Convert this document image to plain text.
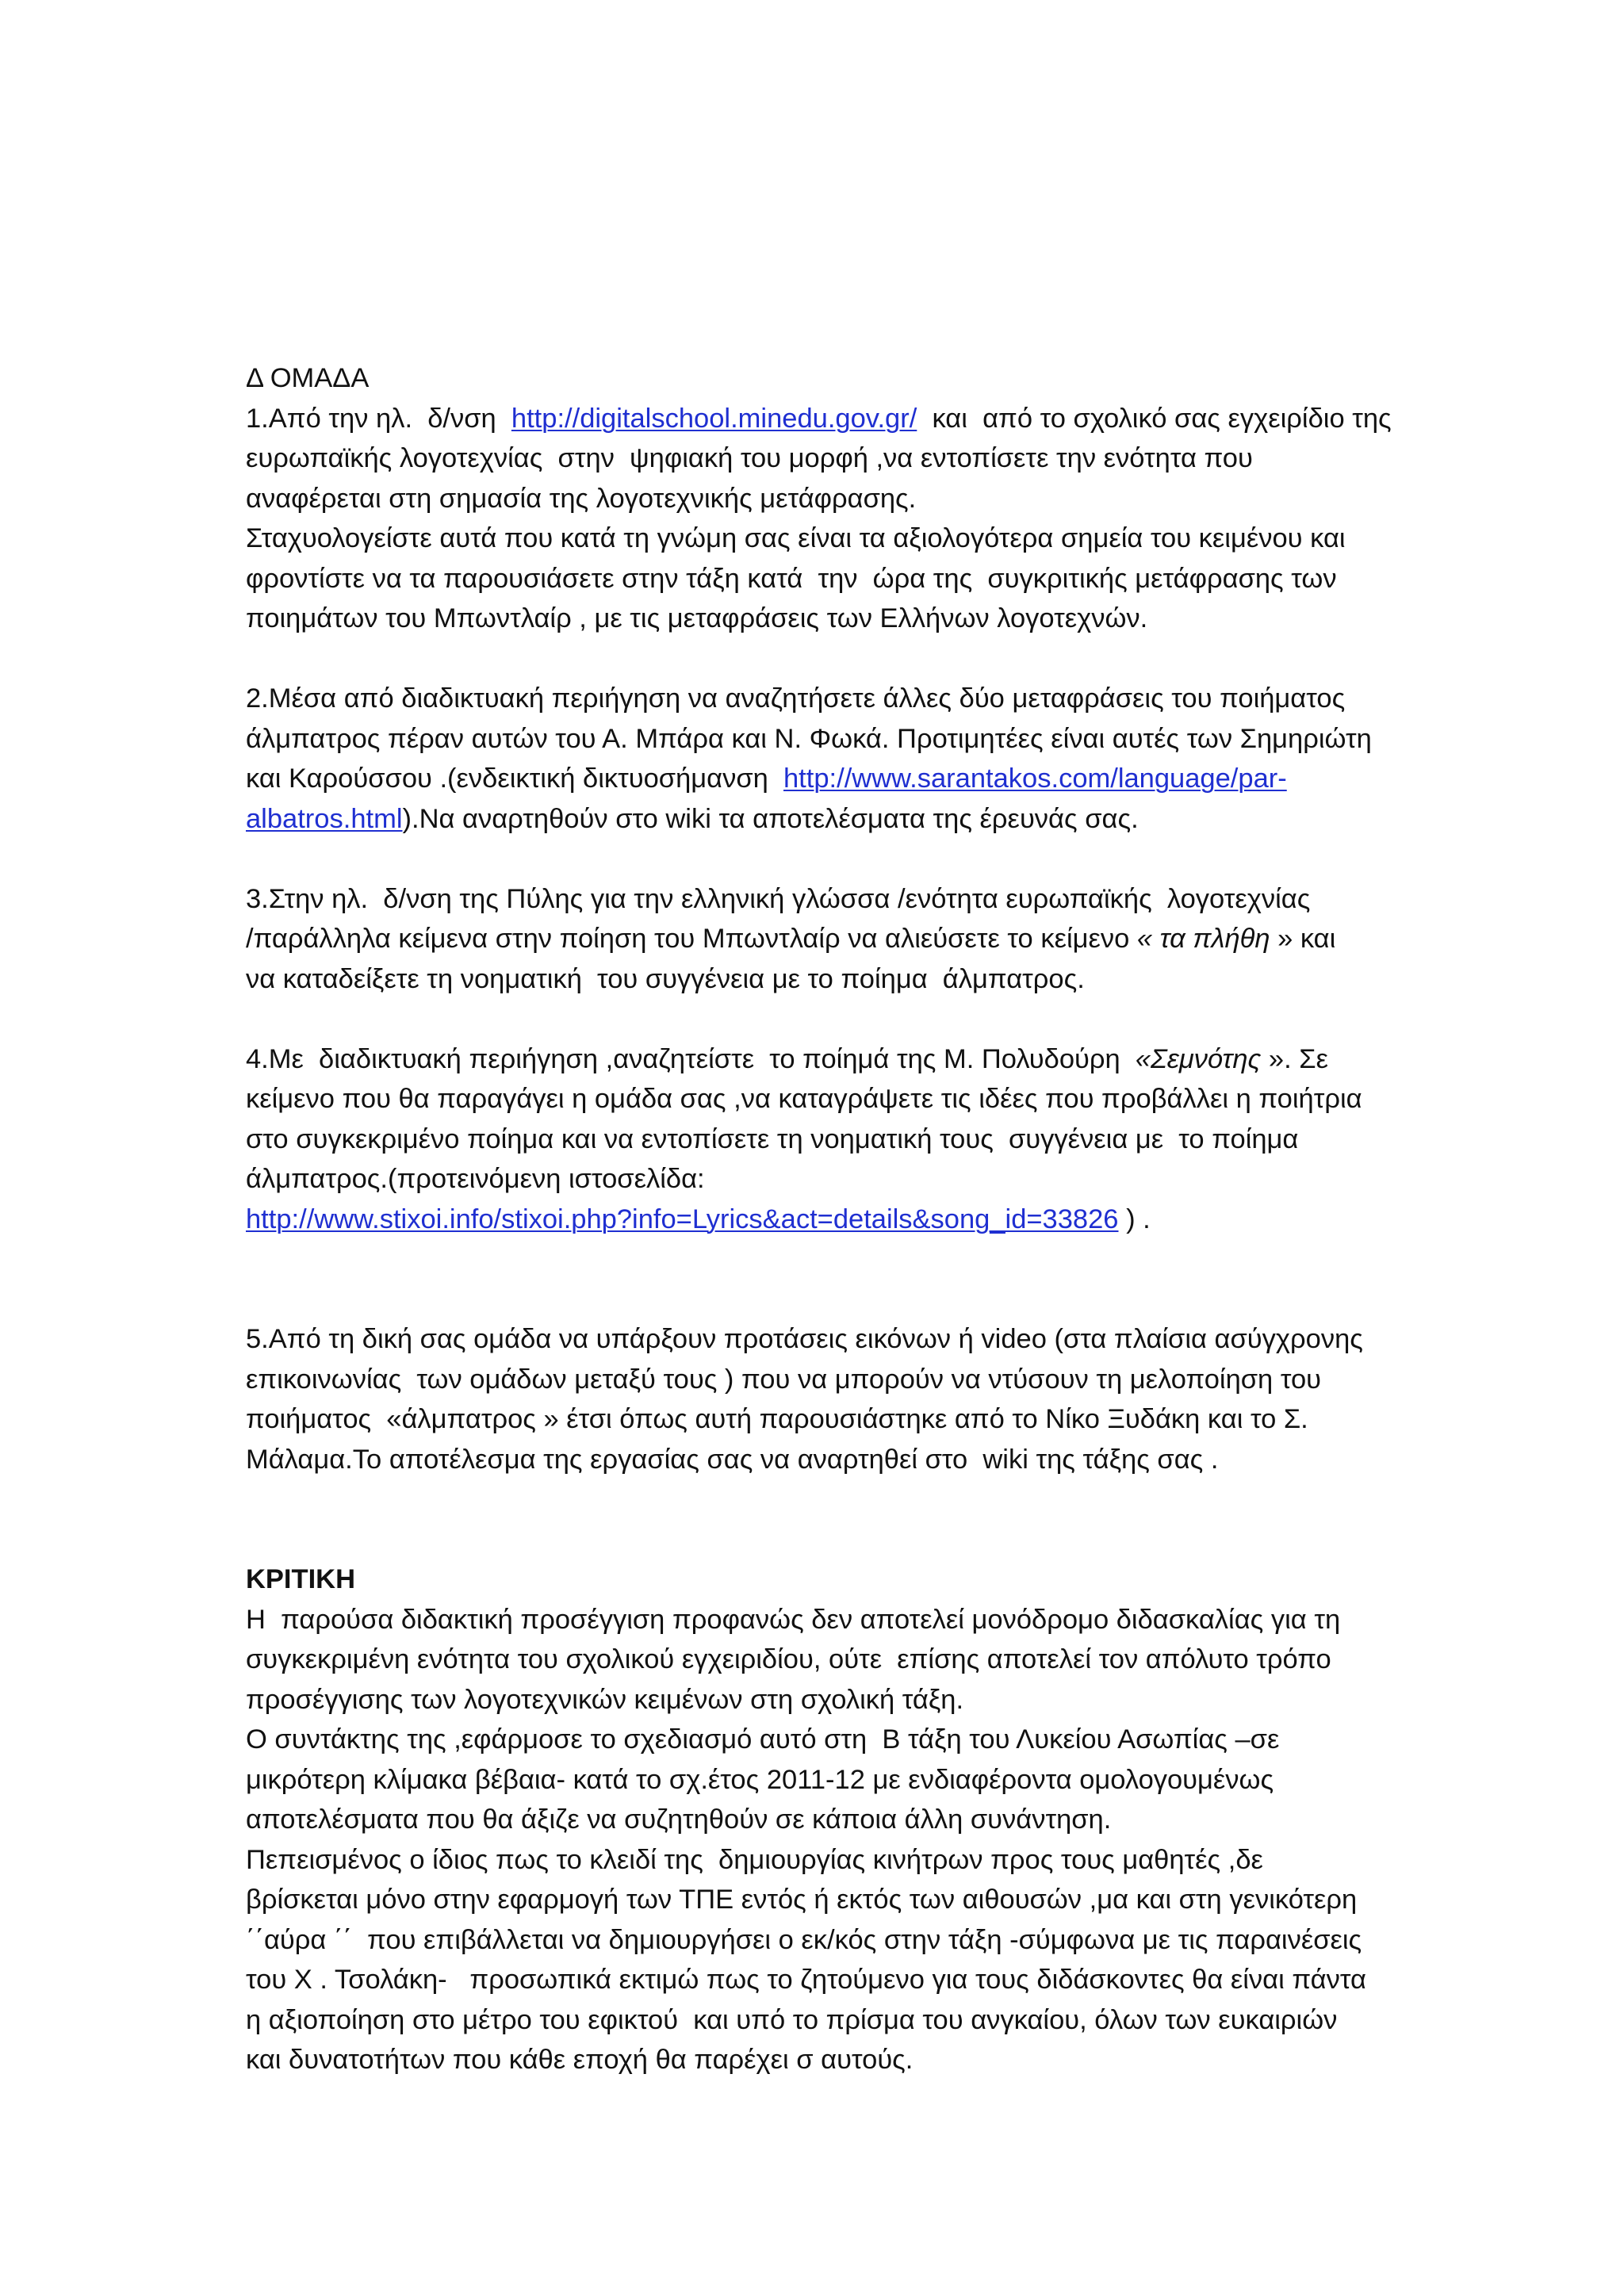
Δ ΟΜΑΔΑ
1.Από την ηλ.  δ/νση  http://digitalschool.minedu.gov.gr/  και  από το σχολικό σας εγχειρίδιο της
ευρωπαϊκής λογοτεχνίας  στην  ψηφιακή του μορφή ,να εντοπίσετε την ενότητα που
αναφέρεται στη σημασία της λογοτεχνικής μετάφρασης.
Σταχυολογείστε αυτά που κατά τη γνώμη σας είναι τα αξιολογότερα σημεία του κειμένου και
φροντίστε να τα παρουσιάσετε στην τάξη κατά  την  ώρα της  συγκριτικής μετάφρασης των
ποιημάτων του Μπωντλαίρ , με τις μεταφράσεις των Ελλήνων λογοτεχνών.
2.Μέσα από διαδικτυακή περιήγηση να αναζητήσετε άλλες δύο μεταφράσεις του ποιήματος
άλμπατρος πέραν αυτών του Α. Μπάρα και Ν. Φωκά. Προτιμητέες είναι αυτές των Σημηριώτη
και Καρούσσου .(ενδεικτική δικτυοσήμανση  http://www.sarantakos.com/language/par-
albatros.html).Να αναρτηθούν στο wiki τα αποτελέσματα της έρευνάς σας.
3.Στην ηλ.  δ/νση της Πύλης για την ελληνική γλώσσα /ενότητα ευρωπαϊκής  λογοτεχνίας
/παράλληλα κείμενα στην ποίηση του Μπωντλαίρ να αλιεύσετε το κείμενο « τα πλήθη » και
να καταδείξετε τη νοηματική  του συγγένεια με το ποίημα  άλμπατρος.
4.Με  διαδικτυακή περιήγηση ,αναζητείστε  το ποίημά της Μ. Πολυδούρη  «Σεμνότης ». Σε
κείμενο που θα παραγάγει η ομάδα σας ,να καταγράψετε τις ιδέες που προβάλλει η ποιήτρια
στο συγκεκριμένο ποίημα και να εντοπίσετε τη νοηματική τους  συγγένεια με  το ποίημα
άλμπατρος.(προτεινόμενη ιστοσελίδα:
http://www.stixoi.info/stixoi.php?info=Lyrics&act=details&song_id=33826 ) .
5.Από τη δική σας ομάδα να υπάρξουν προτάσεις εικόνων ή video (στα πλαίσια ασύγχρονης
επικοινωνίας  των ομάδων μεταξύ τους ) που να μπορούν να ντύσουν τη μελοποίηση του
ποιήματος  «άλμπατρος » έτσι όπως αυτή παρουσιάστηκε από το Νίκο Ξυδάκη και το Σ.
Μάλαμα.Το αποτέλεσμα της εργασίας σας να αναρτηθεί στο  wiki της τάξης σας .
ΚΡΙΤΙΚΗ
Η  παρούσα διδακτική προσέγγιση προφανώς δεν αποτελεί μονόδρομο διδασκαλίας για τη
συγκεκριμένη ενότητα του σχολικού εγχειριδίου, ούτε  επίσης αποτελεί τον απόλυτο τρόπο
προσέγγισης των λογοτεχνικών κειμένων στη σχολική τάξη.
Ο συντάκτης της ,εφάρμοσε το σχεδιασμό αυτό στη  Β τάξη του Λυκείου Ασωπίας –σε
μικρότερη κλίμακα βέβαια- κατά το σχ.έτος 2011-12 με ενδιαφέροντα ομολογουμένως
αποτελέσματα που θα άξιζε να συζητηθούν σε κάποια άλλη συνάντηση.
Πεπεισμένος ο ίδιος πως το κλειδί της  δημιουργίας κινήτρων προς τους μαθητές ,δε
βρίσκεται μόνο στην εφαρμογή των ΤΠΕ εντός ή εκτός των αιθουσών ,μα και στη γενικότερη
΄΄αύρα ΄΄  που επιβάλλεται να δημιουργήσει ο εκ/κός στην τάξη -σύμφωνα με τις παραινέσεις
του Χ . Τσολάκη-   προσωπικά εκτιμώ πως το ζητούμενο για τους διδάσκοντες θα είναι πάντα
η αξιοποίηση στο μέτρο του εφικτού  και υπό το πρίσμα του ανγκαίου, όλων των ευκαιριών
και δυνατοτήτων που κάθε εποχή θα παρέχει σ αυτούς.
